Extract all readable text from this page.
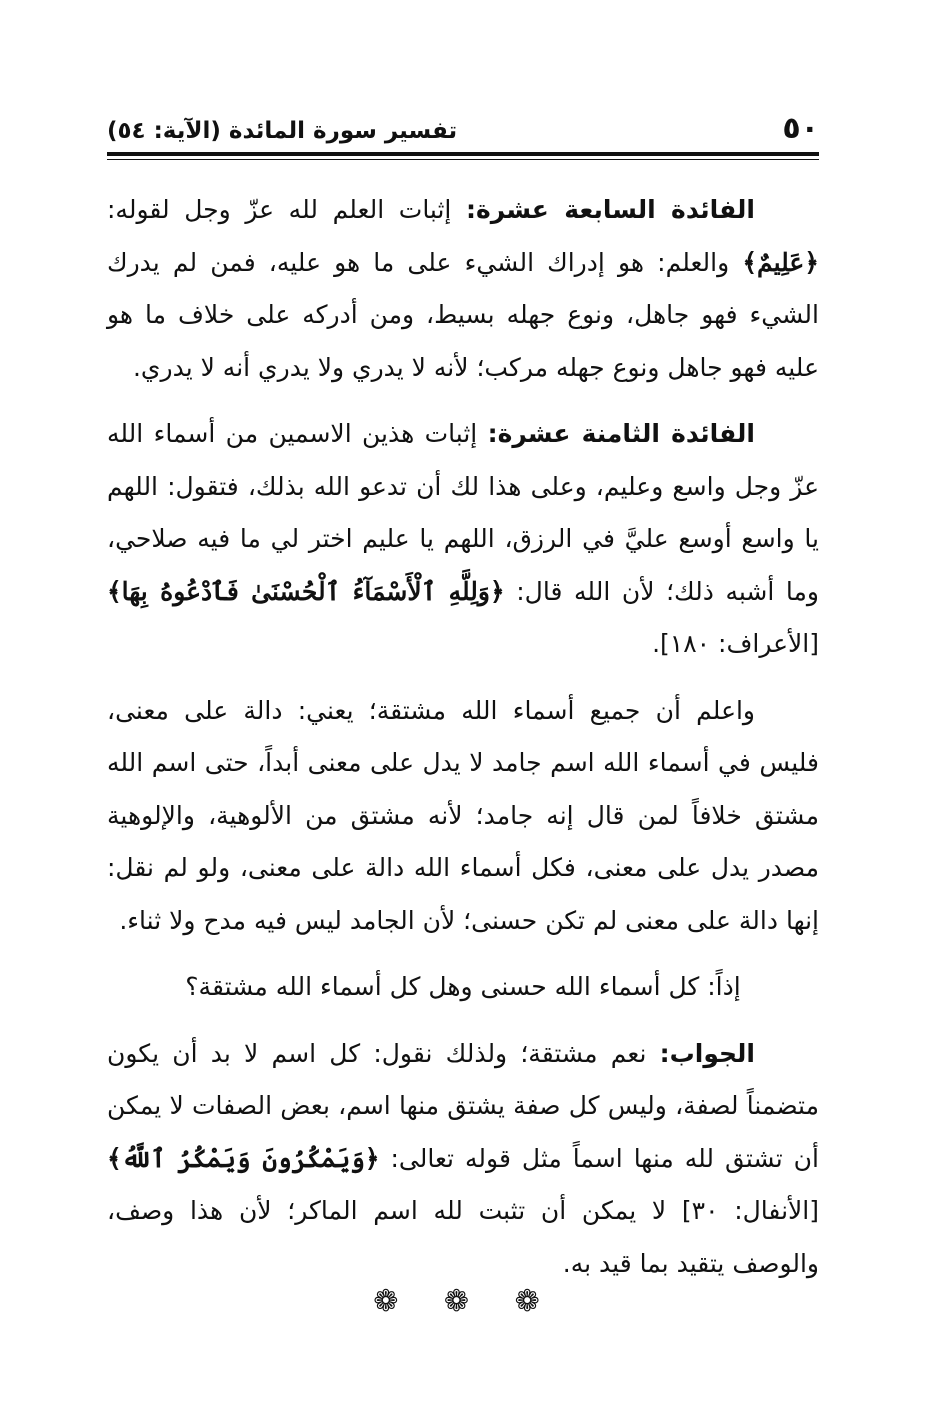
٥٠
تفسير سورة المائدة (الآية: ٥٤)

الفائدة السابعة عشرة: إثبات العلم لله عزّ وجل لقوله: ﴿عَلِيمٌ﴾ والعلم: هو إدراك الشيء على ما هو عليه، فمن لم يدرك الشيء فهو جاهل، ونوع جهله بسيط، ومن أدركه على خلاف ما هو عليه فهو جاهل ونوع جهله مركب؛ لأنه لا يدري ولا يدري أنه لا يدري.

الفائدة الثامنة عشرة: إثبات هذين الاسمين من أسماء الله عزّ وجل واسع وعليم، وعلى هذا لك أن تدعو الله بذلك، فتقول: اللهم يا واسع أوسع عليَّ في الرزق، اللهم يا عليم اختر لي ما فيه صلاحي، وما أشبه ذلك؛ لأن الله قال: ﴿وَلِلَّهِ ٱلْأَسْمَآءُ ٱلْحُسْنَىٰ فَٱدْعُوهُ بِهَا﴾ [الأعراف: ١٨٠].

واعلم أن جميع أسماء الله مشتقة؛ يعني: دالة على معنى، فليس في أسماء الله اسم جامد لا يدل على معنى أبداً، حتى اسم الله مشتق خلافاً لمن قال إنه جامد؛ لأنه مشتق من الألوهية، والإلوهية مصدر يدل على معنى، فكل أسماء الله دالة على معنى، ولو لم نقل: إنها دالة على معنى لم تكن حسنى؛ لأن الجامد ليس فيه مدح ولا ثناء.

إذاً: كل أسماء الله حسنى وهل كل أسماء الله مشتقة؟

الجواب: نعم مشتقة؛ ولذلك نقول: كل اسم لا بد أن يكون متضمناً لصفة، وليس كل صفة يشتق منها اسم، بعض الصفات لا يمكن أن تشتق لله منها اسماً مثل قوله تعالى: ﴿وَيَمْكُرُونَ وَيَمْكُرُ ٱللَّهُ﴾ [الأنفال: ٣٠] لا يمكن أن تثبت لله اسم الماكر؛ لأن هذا وصف، والوصف يتقيد بما قيد به.

❁ ❁ ❁
